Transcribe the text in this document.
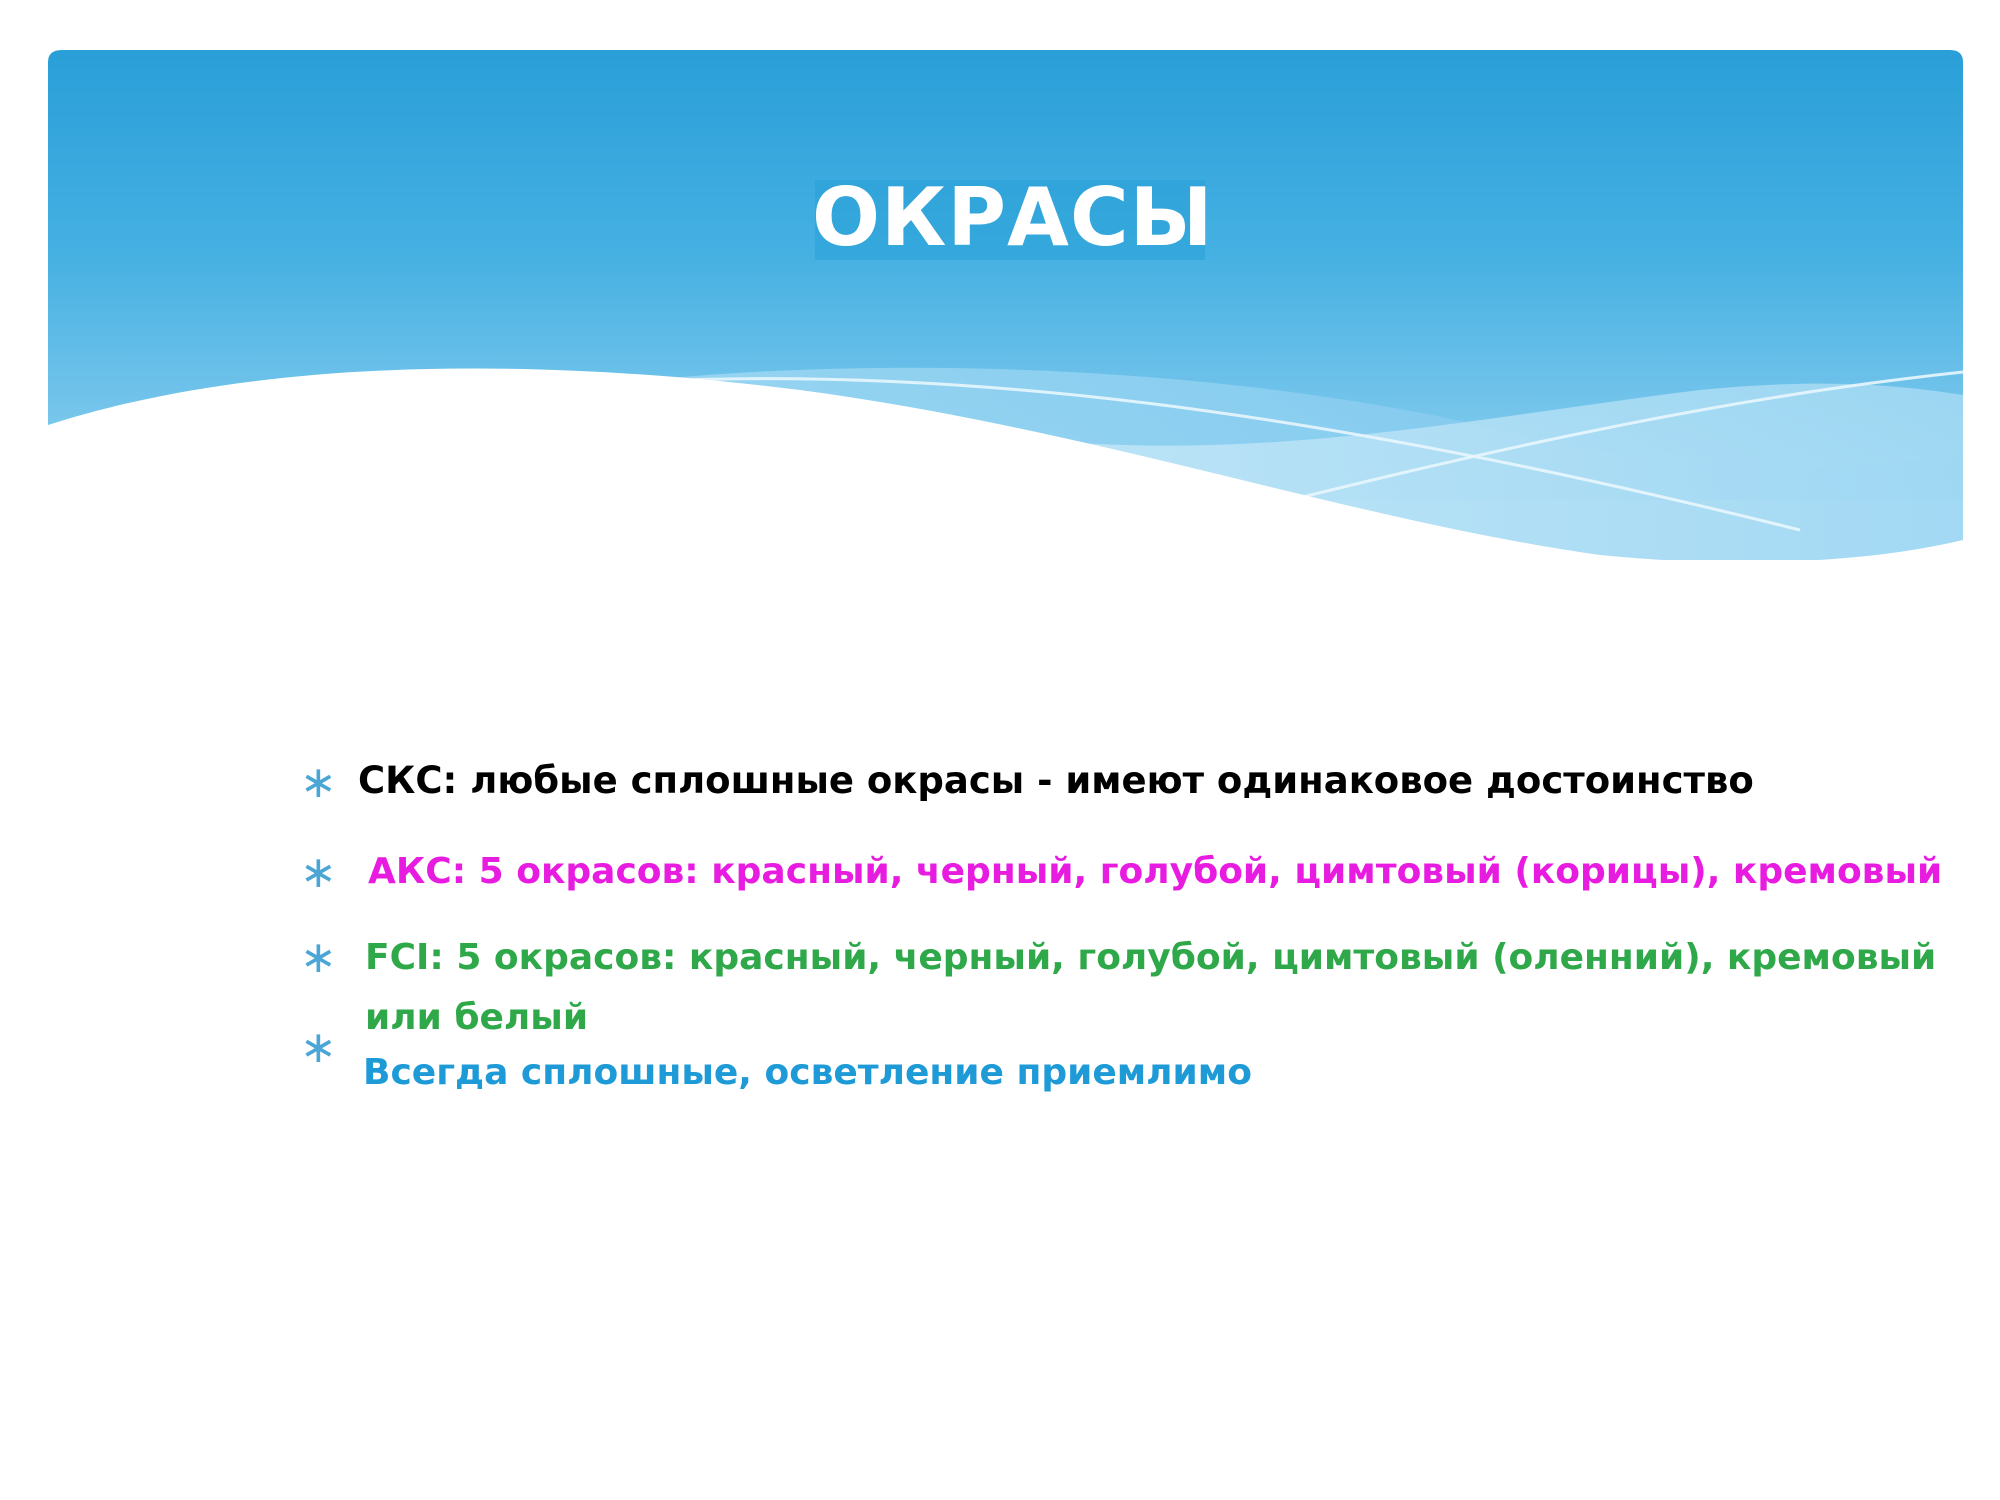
ОКРАСЫ
∗ СКС: любые сплошные окрасы - имеют одинаковое достоинство

∗ АКС: 5 окрасов: красный, черный, голубой, цимтовый (корицы), кремовый

∗ FCI: 5 окрасов: красный, черный, голубой, цимтовый (оленний), кремовый

или белый

∗ Всегда сплошные, осветление приемлимо
